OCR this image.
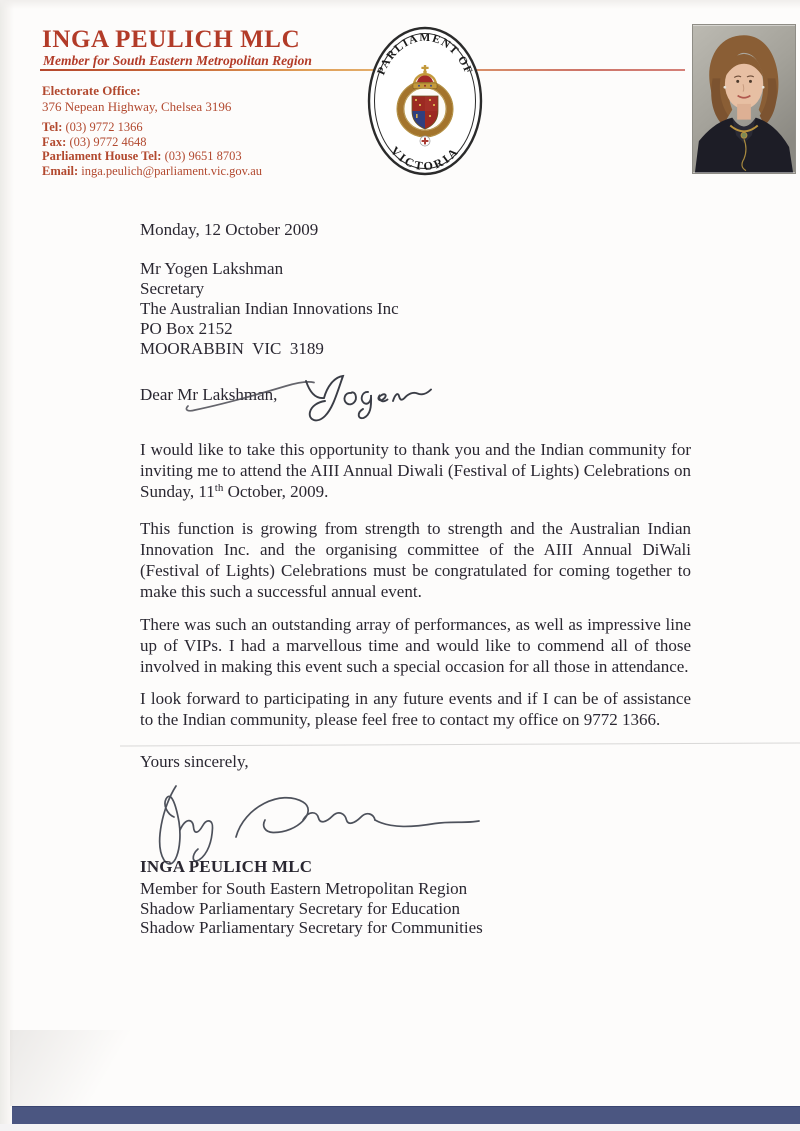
INGA PEULICH MLC
Member for South Eastern Metropolitan Region
Electorate Office:
376 Nepean Highway, Chelsea 3196
Tel: (03) 9772 1366
Fax: (03) 9772 4648
Parliament House Tel: (03) 9651 8703
Email: inga.peulich@parliament.vic.gov.au
PARLIAMENT OF
VICTORIA

Monday, 12 October 2009

Mr Yogen Lakshman
Secretary
The Australian Indian Innovations Inc
PO Box 2152
MOORABBIN  VIC  3189
Dear Mr Lakshman
,

I would like to take this opportunity to thank you and the Indian community for inviting me to attend the AIII Annual Diwali (Festival of Lights) Celebrations on Sunday, 11th October, 2009.

This function is growing from strength to strength and the Australian Indian Innovation Inc. and the organising committee of the AIII Annual DiWali (Festival of Lights) Celebrations must be congratulated for coming together to make this such a successful annual event.

There was such an outstanding array of performances, as well as impressive line up of VIPs. I had a marvellous time and would like to commend all of those involved in making this event such a special occasion for all those in attendance.

I look forward to participating in any future events and if I can be of assistance to the Indian community, please feel free to contact my office on 9772 1366.

Yours sincerely,

INGA PEULICH MLC
Member for South Eastern Metropolitan Region
Shadow Parliamentary Secretary for Education
Shadow Parliamentary Secretary for Communities
